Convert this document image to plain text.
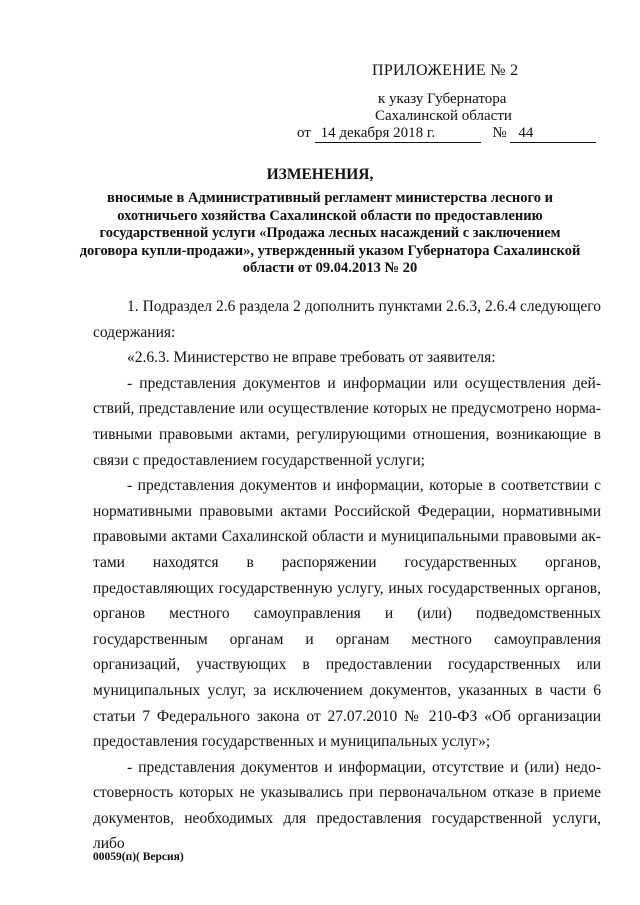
ПРИЛОЖЕНИЕ № 2
к указу Губернатора
Сахалинской области
от 14 декабря 2018 г.	№ 44
ИЗМЕНЕНИЯ,
вносимые в Административный регламент министерства лесного и охотничьего хозяйства Сахалинской области по предоставлению государственной услуги «Продажа лесных насаждений с заключением договора купли-продажи», утвержденный указом Губернатора Сахалинской области от 09.04.2013 № 20

1. Подраздел 2.6 раздела 2 дополнить пунктами 2.6.3, 2.6.4 следующего содержания:

«2.6.3. Министерство не вправе требовать от заявителя:

- представления документов и информации или осуществления действий, представление или осуществление которых не предусмотрено нормативными правовыми актами, регулирующими отношения, возникающие в связи с предоставлением государственной услуги;

- представления документов и информации, которые в соответствии с нормативными правовыми актами Российской Федерации, нормативными правовыми актами Сахалинской области и муниципальными правовыми актами находятся в распоряжении государственных органов, предоставляющих государственную услугу, иных государственных органов, органов местного самоуправления и (или) подведомственных государственным органам и органам местного самоуправления организаций, участвующих в предоставлении государственных или муниципальных услуг, за исключением документов, указанных в части 6 статьи 7 Федерального закона от 27.07.2010 № 210-ФЗ «Об организации предоставления государственных и муниципальных услуг»;

- представления документов и информации, отсутствие и (или) недостоверность которых не указывались при первоначальном отказе в приеме документов, необходимых для предоставления государственной услуги, либо

00059(п)( Версия)
